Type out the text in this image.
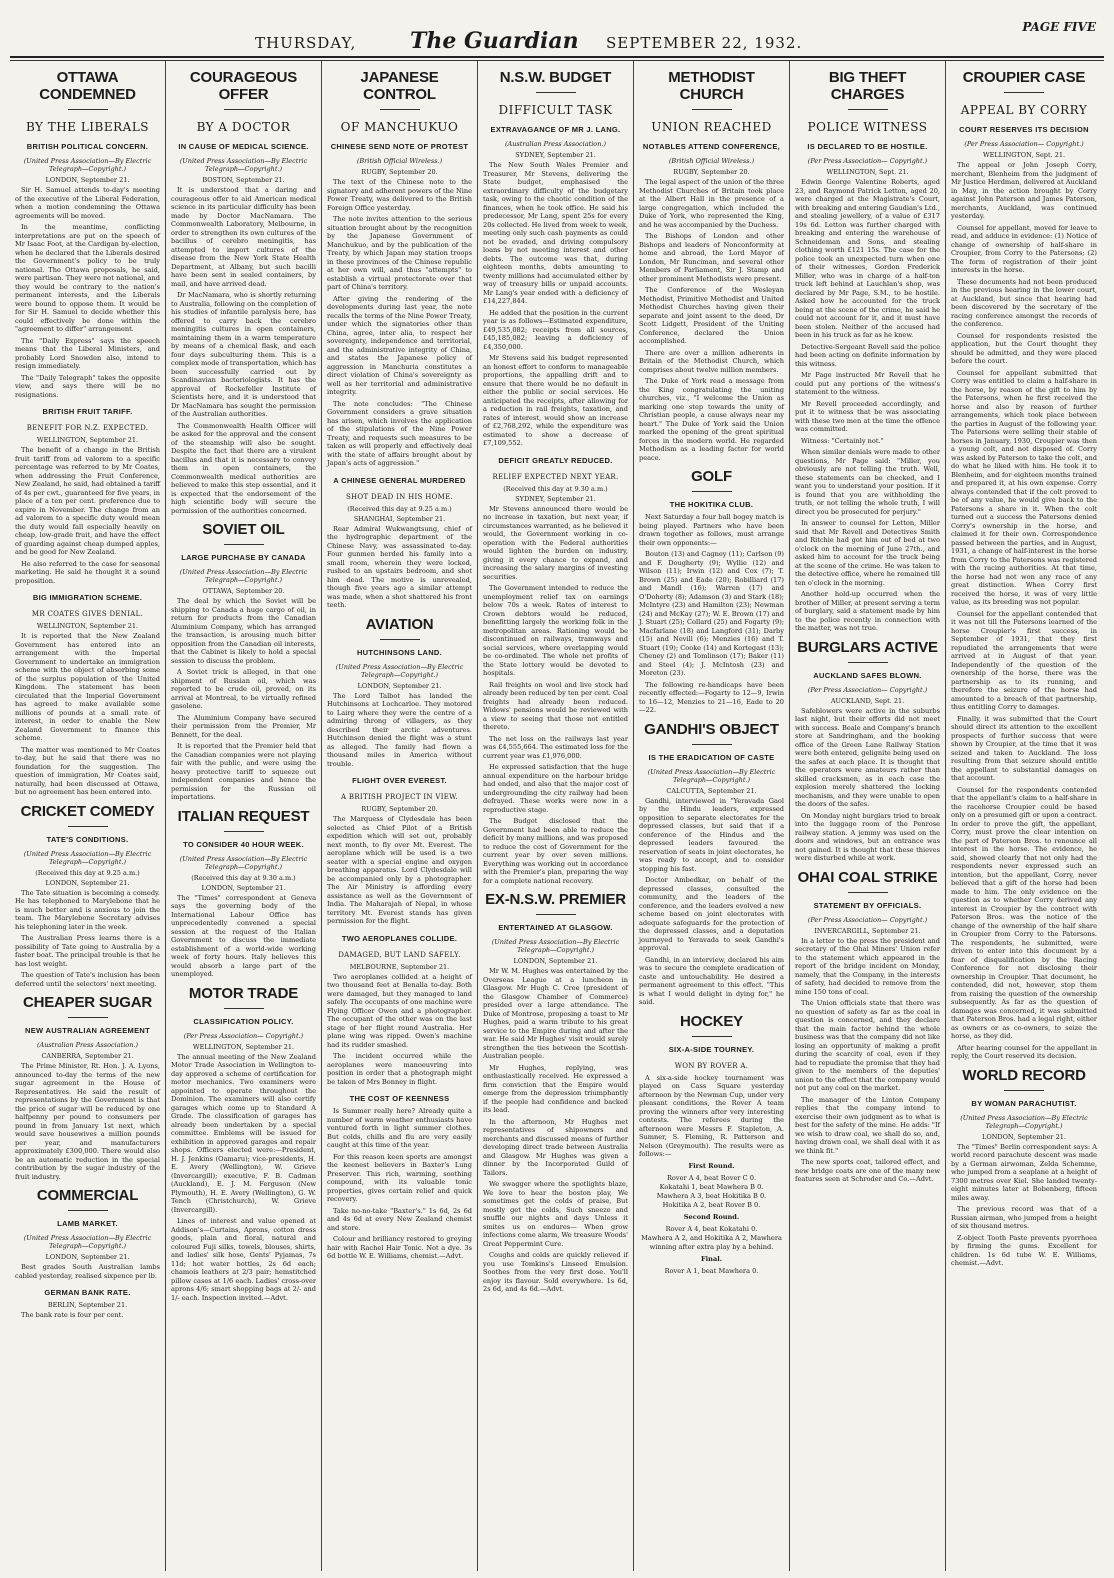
THURSDAY, The Guardian SEPTEMBER 22, 1932.
PAGE FIVE
OTTAWA CONDEMNED
BY THE LIBERALS
BRITISH POLITICAL CONCERN.
(United Press Association—By Electric Telegraph—Copyright.)
LONDON, September 21.

Sir H. Samuel attends to-day's meeting of the executive of the Liberal Federation, when a motion condemning the Ottawa agreements will be moved.

In the meantime, conflicting interpretations are put on the speech of Mr Isaac Foot, at the Cardigan by-election, when he declared that the Liberals desired the Government's policy to be truly national. The Ottawa proposals, he said, were partisan. They were not national, and they would be contrary to the nation's permanent interests, and the Liberals were bound to oppose them. It would be for Sir H. Samuel to decide whether this could effectively be done within the "agreement to differ" arrangement.

The "Daily Express" says the speech means that the Liberal Ministers, and probably Lord Snowden also, intend to resign immediately.

The "Daily Telegraph" takes the opposite view, and says there will be no resignations.

BRITISH FRUIT TARIFF.
BENEFIT FOR N.Z. EXPECTED.
WELLINGTON, September 21.

The benefit of a change in the British fruit tariff from ad valorem to a specific percentage was referred to by Mr Coates, when addressing the Fruit Conference, New Zealand, he said, had obtained a tariff of 4s per cwt., guaranteed for five years, in place of a ten per cent. preference due to expire in November. The change from an ad valorem to a specific duty would mean the duty would fall especially heavily on cheap, low-grade fruit, and have the effect of guarding against cheap dumped apples, and be good for New Zealand.

He also referred to the case for seasonal marketing. He said he thought it a sound proposition.

BIG IMMIGRATION SCHEME.
MR COATES GIVES DENIAL.
WELLINGTON, September 21.

It is reported that the New Zealand Government has entered into an arrangement with the Imperial Government to undertake an immigration scheme with the object of absorbing some of the surplus population of the United Kingdom. The statement has been circulated that the Imperial Government has agreed to make available some millions of pounds at a small rate of interest, in order to enable the New Zealand Government to finance this scheme.

The matter was mentioned to Mr Coates to-day, but he said that there was no foundation for the suggestion. The question of immigration, Mr Coates said, naturally, had been discussed at Ottawa, but no agreement has been entered into.

CRICKET COMEDY
TATE'S CONDITIONS.
(United Press Association—By Electric Telegraph—Copyright.)
(Received this day at 9.25 a.m.)
LONDON, September 21.

The Tate situation is becoming a comedy. He has telephoned to Marylebone that he is much better and is anxious to join the team. The Marylebone Secretary advises his telephoning later in the week.

The Australian Press learns there is a possibility of Tate going to Australia by a faster boat. The principal trouble is that he has lost weight.

The question of Tate's inclusion has been deferred until the selectors' next meeting.

CHEAPER SUGAR
NEW AUSTRALIAN AGREEMENT
(Australian Press Association.)
CANBERRA, September 21.

The Prime Minister, Rt. Hon. J. A. Lyons, announced to-day the terms of the new sugar agreement in the House of Representatives. He said the result of representations by the Government is that the price of sugar will be reduced by one halfpenny per pound to consumers per pound in from January 1st next, which would save housewives a million pounds per year, and manufacturers approximately £300,000. There would also be an automatic reduction in the special contribution by the sugar industry of the fruit industry.

COMMERCIAL
LAMB MARKET.
(United Press Association—By Electric Telegraph—Copyright.)
LONDON, September 21.

Best grades South Australian lambs cabled yesterday, realised sixpence per lb.

GERMAN BANK RATE.
BERLIN, September 21.

The bank rate is four per cent.

COURAGEOUS OFFER
BY A DOCTOR
IN CAUSE OF MEDICAL SCIENCE.
(United Press Association—By Electric Telegraph—Copyright.)
BOSTON, September 21.

It is understood that a daring and courageous offer to aid American medical science in its particular difficulty has been made by Doctor MacNamara. The Commonwealth Laboratory, Melbourne, in order to strengthen its own cultures of the bacillus of cerebro meningitis, has attempted to import cultures of the disease from the New York State Health Department, at Albany, but such bacilli have been sent in sealed containers, by mail, and have arrived dead.

Dr MacNamara, who is shortly returning to Australia, following on the completion of his studies of infantile paralysis here, has offered to carry back the cerebro meningitis cultures in open containers, maintaining them in a warm temperature by means of a chemical flask, and each four days subculturing them. This is a complex mode of transportation, which has been successfully carried out by Scandinavian bacteriologists. It has the approval of Rockefeller Institute of Scientists here, and it is understood that Dr MacNamara has sought the permission of the Australian authorities.

The Commonwealth Health Officer will be asked for the approval and the consent of the steamship will also be sought. Despite the fact that there are a virulent bacillus and that it is necessary to convey them in open containers, the Commonwealth medical authorities are believed to make this step essential, and it is expected that the endorsement of the high scientific body will secure the permission of the authorities concerned.

SOVIET OIL
LARGE PURCHASE BY CANADA
(United Press Association—By Electric Telegraph—Copyright.)
OTTAWA, September 20.

The deal by which the Soviet will be shipping to Canada a huge cargo of oil, in return for products from the Canadian Aluminium Company, which has arranged the transaction, is arousing much bitter opposition from the Canadian oil interests, that the Cabinet is likely to hold a special session to discuss the problem.

A Soviet trick is alleged, in that one shipment of Russian oil, which was reported to be crude oil, proved, on its arrival at Montreal, to be virtually refined gasolene.

The Aluminium Company have secured their permission from the Premier, Mr Bennett, for the deal.

It is reported that the Premier held that the Canadian companies were not playing fair with the public, and were using the heavy protective tariff to squeeze out independent companies and hence the permission for the Russian oil importations.

ITALIAN REQUEST
TO CONSIDER 40 HOUR WEEK.
(United Press Association—By Electric Telegraph—Copyright.)
(Received this day at 9.30 a.m.)
LONDON, September 21.

The "Times" correspondent at Geneva says the governing body of the International Labour Office has unprecedentedly convened a special session at the request of the Italian Government to discuss the immediate establishment of a world-wide working week of forty hours. Italy believes this would absorb a large part of the unemployed.

MOTOR TRADE
CLASSIFICATION POLICY.
(Per Press Association— Copyright.)
WELLINGTON, September 21.

The annual meeting of the New Zealand Motor Trade Association in Wellington to-day approved a scheme of certification for motor mechanics. Two examiners were appointed to operate throughout the Dominion. The examiners will also certify garages which come up to Standard A Grade. The classification of garages has already been undertaken by a special committee. Emblems will be issued for exhibition in approved garages and repair shops. Officers elected were:—President, H. J. Jenkins (Oamaru); vice-presidents, H. E. Avery (Wellington), W. Grieve (Invercargill); executive, F. B. Cadman (Auckland), E. J. M. Ferguson (New Plymouth), H. E. Avery (Wellington), G. W. Tench (Christchurch), W. Grieve (Invercargill).

Lines of interest and value opened at Addison's—Curtains, Aprons, cotton dress goods, plain and floral, natural and coloured Fuji silks, towels, blouses, shirts, and ladies' silk hose, Gents' Pyjamas, 7s 11d; hot water bottles, 2s 6d each; chamois leathers at 2/3 pair; hemstitched pillow cases at 1/6 each. Ladies' cross-over aprons 4/6; smart shopping bags at 2/- and 1/- each. Inspection invited.—Advt.

JAPANESE CONTROL
OF MANCHUKUO
CHINESE SEND NOTE OF PROTEST
(British Official Wireless.)
RUGBY, September 20.

The text of the Chinese note to the signatory and adherent powers of the Nine Power Treaty, was delivered to the British Foreign Office yesterday.

The note invites attention to the serious situation brought about by the recognition by the Japanese Government of Manchukuo, and by the publication of the Treaty, by which Japan may station troops in these provinces of the Chinese republic at her own will, and thus "attempts" to establish a virtual protectorate over that part of China's territory.

After giving the rendering of the developments during last year, the note recalls the terms of the Nine Power Treaty, under which the signatories other than China, agree, inter alia, to respect her sovereignty, independence and territorial, and the administrative integrity of China, and states the Japanese policy of aggression in Manchuria constitutes a direct violation of China's sovereignty as well as her territorial and administrative integrity.

The note concludes: "The Chinese Government considers a grave situation has arisen, which involves the application of the stipulations of the Nine Power Treaty, and requests such measures to be taken as will properly and effectively deal with the state of affairs brought about by Japan's acts of aggression."

A CHINESE GENERAL MURDERED
SHOT DEAD IN HIS HOME.
(Received this day at 9.25 a.m.)
SHANGHAI, September 21.

Rear Admiral Wukwangtsung, chief of the hydrographic department of the Chinese Navy, was assassinated to-day. Four gunmen herded his family into a small room, wherein they were locked, rushed to an upstairs bedroom, and shot him dead. The motive is unrevealed, though five years ago a similar attempt was made, when a shot shattered his front teeth.

AVIATION
HUTCHINSONS LAND.
(United Press Association—By Electric Telegraph—Copyright.)
LONDON, September 21.

The Lord Talbot has landed the Hutchinsons at Lochcarloe. They motored to Lairg where they were the centre of a admiring throng of villagers, as they described their arctic adventures. Hutchinson denied the flight was a stunt as alleged. The family had flown a thousand miles in America without trouble.

FLIGHT OVER EVEREST.
A BRITISH PROJECT IN VIEW.
RUGBY, September 20.

The Marquess of Clydesdale has been selected as Chief Pilot of a British expedition which will set out, probably next month, to fly over Mt. Everest. The aeroplane which will be used is a two seater with a special engine and oxygen breathing apparatus. Lord Clydesdale will be accompanied only by a photographer. The Air Ministry is affording every assistance as well as the Government of India. The Maharajah of Nepal, in whose territory Mt. Everest stands has given permission for the flight.

TWO AEROPLANES COLLIDE.
DAMAGED, BUT LAND SAFELY.
MELBOURNE, September 21.

Two aeroplanes collided at a height of two thousand feet at Benalla to-day. Both were damaged, but they managed to land safely. The occupants of one machine were Flying Officer Owen and a photographer. The occupant of the other was on the last stage of her flight round Australia. Her plane wing was ripped. Owen's machine had its rudder smashed.

The incident occurred while the aeroplanes were manoeuvring into position in order that a photograph might be taken of Mrs Bonney in flight.

THE COST OF KEENNESS

Is Summer really here? Already quite a number of warm weather enthusiasts have ventured forth in light summer clothes. But colds, chills and flu are very easily caught at this time of the year.

For this reason keen sports are amongst the keenest believers in Baxter's Lung Preserver. This rich, warming, soothing compound, with its valuable tonic properties, gives certain relief and quick recovery.

Take no-no-take "Baxter's." 1s 6d, 2s 6d and 4s 6d at every New Zealand chemist and store.

Colour and brilliancy restored to greying hair with Rachel Hair Tonic. Not a dye. 3s 6d bottle W. E. Williams, chemist.—Advt.

N.S.W. BUDGET
DIFFICULT TASK
EXTRAVAGANCE OF MR J. LANG.
(Australian Press Association.)
SYDNEY, September 21.

The New South Wales Premier and Treasurer, Mr Stevens, delivering the State budget, emphasised the extraordinary difficulty of the budgetary task, owing to the chaotic condition of the finances, when he took office. He said his predecessor, Mr Lang, spent 25s for every 20s collected. He lived from week to week, meeting only such cash payments as could not be evaded, and driving compulsory loans by not meeting interest and other debts. The outcome was that, during eighteen months, debts amounting to twenty millions had accumulated either by way of treasury bills or unpaid accounts. Mr Lang's year ended with a deficiency of £14,227,844.

He added that the position in the current year is as follows—Estimated expenditure, £49,535,082; receipts from all sources, £45,185,082; leaving a deficiency of £4,350,000.

Mr Stevens said his budget represented an honest effort to conform to manageable proportions, the appalling drift and to ensure that there would be no default in either the public or social services. He anticipated the receipts, after allowing for a reduction in rail freights, taxation, and rates of interest, would show an increase of £2,768,292, while the expenditure was estimated to show a decrease of £7,109,552.

DEFICIT GREATLY REDUCED.
RELIEF EXPECTED NEXT YEAR.
(Received this day at 9.30 a.m.)
SYDNEY, September 21.

Mr Stevens announced there would be no increase in taxation, but next year, if circumstances warranted, as he believed it would, the Government working in co-operation with the Federal authorities would lighten the burden on industry, giving it every chance to expand, and increasing the salary margins of investing securities.

The Government intended to reduce the unemployment relief tax on earnings below 70s a week. Rates of interest to Crown debtors would be reduced, benefitting largely the working folk in the metropolitan areas. Rationing would be discontinued on railways, tramways and social services, where overlapping would be co-ordinated. The whole net profits of the State lottery would be devoted to hospitals.

Rail freights on wool and live stock had already been reduced by ten per cent. Coal freights had already been reduced. Widows' pensions would be reviewed with a view to seeing that those not entitled thereto.

The net loss on the railways last year was £4,555,664. The estimated loss for the current year was £1,976,000.

He expressed satisfaction that the huge annual expenditure on the harbour bridge had ended, and also that the major cost of undergrounding the city railway had been defrayed. These works were now in a reproductive stage.

The Budget disclosed that the Government had been able to reduce the deficit by many millions, and was proposed to reduce the cost of Government for the current year by over seven millions. Everything was working out in accordance with the Premier's plan, preparing the way for a complete national recovery.

EX-N.S.W. PREMIER
ENTERTAINED AT GLASGOW.
(United Press Association—By Electric Telegraph—Copyright.)
LONDON, September 21.

Mr W. M. Hughes was entertained by the Overseas League at a luncheon in Glasgow. Mr Hugh C. Cree (president of the Glasgow Chamber of Commerce) presided over a large attendance. The Duke of Montrose, proposing a toast to Mr Hughes, paid a warm tribute to his great service to the Empire during and after the war. He said Mr Hughes' visit would surely strengthen the ties between the Scottish-Australian people.

Mr Hughes, replying, was enthusiastically received. He expressed a firm conviction that the Empire would emerge from the depression triumphantly if the people had confidence and backed its lead.

In the afternoon, Mr Hughes met representatives of shipowners and merchants and discussed means of further developing direct trade between Australia and Glasgow. Mr Hughes was given a dinner by the Incorporated Guild of Tailors.

We swagger where the spotlights blaze, We love to hear the boston play, We sometimes get the colds of praise, But mostly get the colds, Such sneeze and snuffle our nights and days Unless it smites us on endures— When grow infections come alarm, We treasure Woods' Great Peppermint Cure.

Coughs and colds are quickly relieved if you use Tomkins's Linseed Emulsion. Soothes from the very first dose. You'll enjoy its flavour. Sold everywhere. 1s 6d, 2s 6d, and 4s 6d.—Advt.

METHODIST CHURCH
UNION REACHED
NOTABLES ATTEND CONFERENCE,
(British Official Wireless.)
RUGBY, September 20.

The legal aspect of the union of the three Methodist Churches of Britain took place at the Albert Hall in the presence of a large congregation, which included the Duke of York, who represented the King, and he was accompanied by the Duchess.

The Bishops of London and other Bishops and leaders of Nonconformity at home and abroad, the Lord Mayor of London, Mr Runciman, and several other Members of Parliament, Sir J. Stamp and other prominent Methodists were present.

The Conference of the Wesleyan Methodist, Primitive Methodist and United Methodist Churches having given their separate and joint assent to the deed, Dr Scott Lidgett, President of the Uniting Conference, declared the Union accomplished.

There are over a million adherents in Britain of the Methodist Church, which comprises about twelve million members.

The Duke of York read a message from the King congratulating the uniting churches, viz., "I welcome the Union as marking one step towards the unity of Christian people, a cause always near my heart." The Duke of York said the Union marked the opening of the great spiritual forces in the modern world. He regarded Methodism as a leading factor for world peace.

GOLF
THE HOKITIKA CLUB.

Next Saturday a four ball bogey match is being played. Partners who have been drawn together as follows, must arrange their own opponents:—

Bouton (13) and Cagney (11); Carlson (9) and F. Dougherty (9); Wyllie (12) and Wilson (11); Irwin (12) and Cox (7); T. Brown (25) and Eade (20); Robilliard (17) and Mandl (16); Warren (17) and O'Doherty (8); Adamson (3) and Stark (18); McIntyre (23) and Hamilton (23); Newman (24) and McKay (27); W. E. Brown (17) and J. Stuart (25); Collard (25) and Fogarty (9); Macfarlane (18) and Langford (31); Darby (15) and Nevill (6); Menzies (16) and T. Stuart (19); Cooke (14) and Kortegast (13); Cheney (2) and Tomlinson (17); Baker (11) and Steel (4); J. McIntosh (23) and Moreton (23).

The following re-handicaps have been recently effected:—Fogarty to 12—9, Irwin to 16—12, Menzies to 21—16, Eade to 20—22.

GANDHI'S OBJECT
IS THE ERADICATION OF CASTE
(United Press Association—By Electric Telegraph—Copyright.)
CALCUTTA, September 21.

Gandhi, interviewed in "Yeravada Gaol by the Hindu leaders, expressed opposition to separate electorates for the depressed classes, but said that if a conference of the Hindus and the depressed leaders favoured the reservation of seats in joint electorates, he was ready to accept, and to consider stopping his fast.

Doctor Ambedkar, on behalf of the depressed classes, consulted the community, and the leaders of the conference, and the leaders evolved a new scheme based on joint electorates with adequate safeguards for the protection of the depressed classes, and a deputation journeyed to Yeravada to seek Gandhi's approval.

Gandhi, in an interview, declared his aim was to secure the complete eradication of caste and untouchability. He desired a permanent agreement to this effect. "This is what I would delight in dying for," he said.

HOCKEY
SIX-A-SIDE TOURNEY.
WON BY ROVER A.

A six-a-side hockey tournament was played on Cass Square yesterday afternoon by the Newman Cup, under very pleasant conditions, the Rover A team proving the winners after very interesting contests. The referees during the afternoon were Messrs F. Stapleton, A. Sumner, S. Fleming, R. Patterson and Nelson (Greymouth). The results were as follows:—

First Round.
Rover A 4, beat Rover C 0.
Kokatahi 1, beat Mawhera B 0.
Mawhera A 3, beat Hokitika B 0.
Hokitika A 2, beat Rover B 0.
Second Round.
Rover A 4, beat Kokatahi 0.
Mawhera A 2, and Hokitika A 2, Mawhera winning after extra play by a behind.
Final.
Rover A 1, beat Mawhera 0.
BIG THEFT CHARGES
POLICE WITNESS
IS DECLARED TO BE HOSTILE.
(Per Press Association— Copyright.)
WELLINGTON, Sept. 21.

Edwin George Valentine Roberts, aged 23, and Raymond Patrick Letton, aged 20, were charged at the Magistrate's Court, with breaking and entering Gaudian's Ltd., and stealing jewellery, of a value of £317 19s 6d. Letton was further charged with breaking and entering the warehouse of Schneideman and Sons, and stealing clothing worth £121 15s. The case for the police took an unexpected turn when one of their witnesses, Gordon Frederick Miller, who was in charge of a half-ton truck left behind at Lauchlan's shop, was declared by Mr Page, S.M., to be hostile. Asked how he accounted for the truck being at the scene of the crime, he said he could not account for it, and it must have been stolen. Neither of the accused had been in his truck as far as he knew.

Detective-Sergeant Revell said the police had been acting on definite information by this witness.

Mr Page instructed Mr Revell that he could put any portions of the witness's statement to the witness.

Mr Revell proceeded accordingly, and put it to witness that he was associating with these two men at the time the offence was committed.

Witness: "Certainly not."

When similar denials were made to other questions, Mr Page said: "Miller, you obviously are not telling the truth. Well, these statements can be checked, and I want you to understand your position. If it is found that you are withholding the truth, or not telling the whole truth, I will direct you be prosecuted for perjury."

In answer to counsel for Letton, Miller said that Mr Revell and Detectives Smith and Ritchie had got him out of bed at two o'clock on the morning of June 27th., and asked him to account for the truck being at the scene of the crime. He was taken to the detective office, where he remained till ten o'clock in the morning.

Another hold-up occurred when the brother of Miller, at present serving a term of burglary, said a statement made by him to the police recently in connection with the matter, was not true.

BURGLARS ACTIVE
AUCKLAND SAFES BLOWN.
(Per Press Association— Copyright.)
AUCKLAND, Sept. 21.

Safeblowers were active in the suburbs last night, but their efforts did not meet with success. Beale and Company's branch store at Sandringham, and the booking office of the Green Lane Railway Station were both entered, gelignite being used on the safes at each place. It is thought that the operators were amateurs rather than skilled cracksmen, as in each case the explosion merely shattered the locking mechanism, and they were unable to open the doors of the safes.

On Monday night burglars tried to break into the luggage room of the Penrose railway station. A jemmy was used on the doors and windows, but an entrance was not gained. It is thought that these thieves were disturbed while at work.

OHAI COAL STRIKE
STATEMENT BY OFFICIALS.
(Per Press Association— Copyright.)
INVERCARGILL, September 21.

In a letter to the press the president and secretary of the Ohai Miners' Union refer to the statement which appeared in the report of the bridge incident on Monday, namely, that the Company, in the interests of safety, had decided to remove from the mine 150 tons of coal.

The Union officials state that there was no question of safety as far as the coal in question is concerned, and they declare that the main factor behind the whole business was that the company did not like losing an opportunity of making a profit during the scarcity of coal, even if they had to repudiate the promise that they had given to the members of the deputies' union to the effect that the company would not put any coal on the market.

The manager of the Linton Company replies that the company intend to exercise their own judgment as to what is best for the safety of the mine. He adds: "If we wish to draw coal, we shall do so, and, having drawn coal, we shall deal with it as we think fit."

The new sports coat, tailored effect, and new bridge coats are one of the many new features seen at Schroder and Co.—Advt.

CROUPIER CASE
APPEAL BY CORRY
COURT RESERVES ITS DECISION
(Per Press Association— Copyright.)
WELLINGTON, Sept. 21.

The appeal or John Joseph Corry, merchant, Blenheim from the judgment of Mr Justice Herdman, delivered at Auckland in May, in the action brought by Corry against John Paterson and James Paterson, merchants, Auckland, was continued yesterday.

Counsel for appellant, moved for leave to read, and adduce in evidence: (1) Notice of change of ownership of half-share in Croupier, from Corry to the Patersons; (2) The form of registration of their joint interests in the horse.

These documents had not been produced in the previous hearing in the lower court, at Auckland, but since that hearing had been discovered by the secretary of the racing conference amongst the records of the conference.

Counsel for respondents resisted the application, but the Court thought they should be admitted, and they were placed before the court.

Counsel for appellant submitted that Corry was entitled to claim a half-share in the horse, by reason of the gift to him by the Patersons, when he first received the horse and also by reason of further arrangements, which took place between the parties in August of the following year. The Patersons were selling their stable of horses in January, 1930, Croupier was then a young colt, and not disposed of. Corry was asked by Paterson to take the colt, and do what he liked with him. He took it to Blenheim, and for eighteen months trained and prepared it, at his own expense. Corry always contended that if the colt proved to be of any value, he would give back to the Patersons a share in it. When the colt turned out a success the Patersons denied Corry's ownership in the horse, and claimed it for their own. Correspondence passed between the parties, and in August, 1931, a change of half-interest in the horse from Corry to the Patersons was registered with the racing authorities. At that time, the horse had not won any race of any great distinction. When Corry first received the horse, it was of very little value, as its breeding was not popular.

Counsel for the appellant contended that it was not till the Patersons learned of the horse Croupier's first success, in September of 1931, that they first repudiated the arrangements that were arrived at in August of that year. Independently of the question of the ownership of the horse, there was the partnership as to its running, and therefore the seizure of the horse had amounted to a breach of that partnership, thus entitling Corry to damages.

Finally, it was submitted that the Court should direct its attention to the excellent prospects of further success that were shown by Croupier, at the time that it was seized and taken to Auckland. The loss resulting from that seizure should entitle the appellant to substantial damages on that account.

Counsel for the respondents contended that the appellant's claim to a half-share in the racehorse Croupier could be based only on a presumed gift or upon a contract. In order to prove the gift, the appellant, Corry, must prove the clear intention on the part of Paterson Bros. to renounce all interest in the horse. The evidence, he said, showed clearly that not only had the respondents never expressed such an intention, but the appellant, Corry, never believed that a gift of the horse had been made to him. The only evidence on the question as to whether Corry derived any interest in Croupier by the contract with Paterson Bros. was the notice of the change of the ownership of the half share in Croupier from Corry to the Patersons. The respondents, he submitted, were driven to enter into this document by a fear of disqualification by the Racing Conference for not disclosing their ownership in Croupier. That document, he contended, did not, however, stop them from raising the question of the ownership subsequently. As far as the question of damages was concerned, it was submitted that Paterson Bros. had a legal right, either as owners or as co-owners, to seize the horse, as they did.

After hearing counsel for the appellant in reply, the Court reserved its decision.

WORLD RECORD
BY WOMAN PARACHUTIST.
(United Press Association—By Electric Telegraph—Copyright.)
LONDON, September 21.

The "Times" Berlin correspondent says: A world record parachute descent was made by a German airwoman, Zelda Schemme, who jumped from a seaplane at a height of 7300 metres over Kiel. She landed twenty-eight minutes later at Bobenberg, fifteen miles away.

The previous record was that of a Russian airman, who jumped from a height of six thousand metres.

Z-object Tooth Paste prevents pyorrhoea by firming the gums. Excellent for children. 1s 6d tube W. E. Williams, chemist.—Advt.
